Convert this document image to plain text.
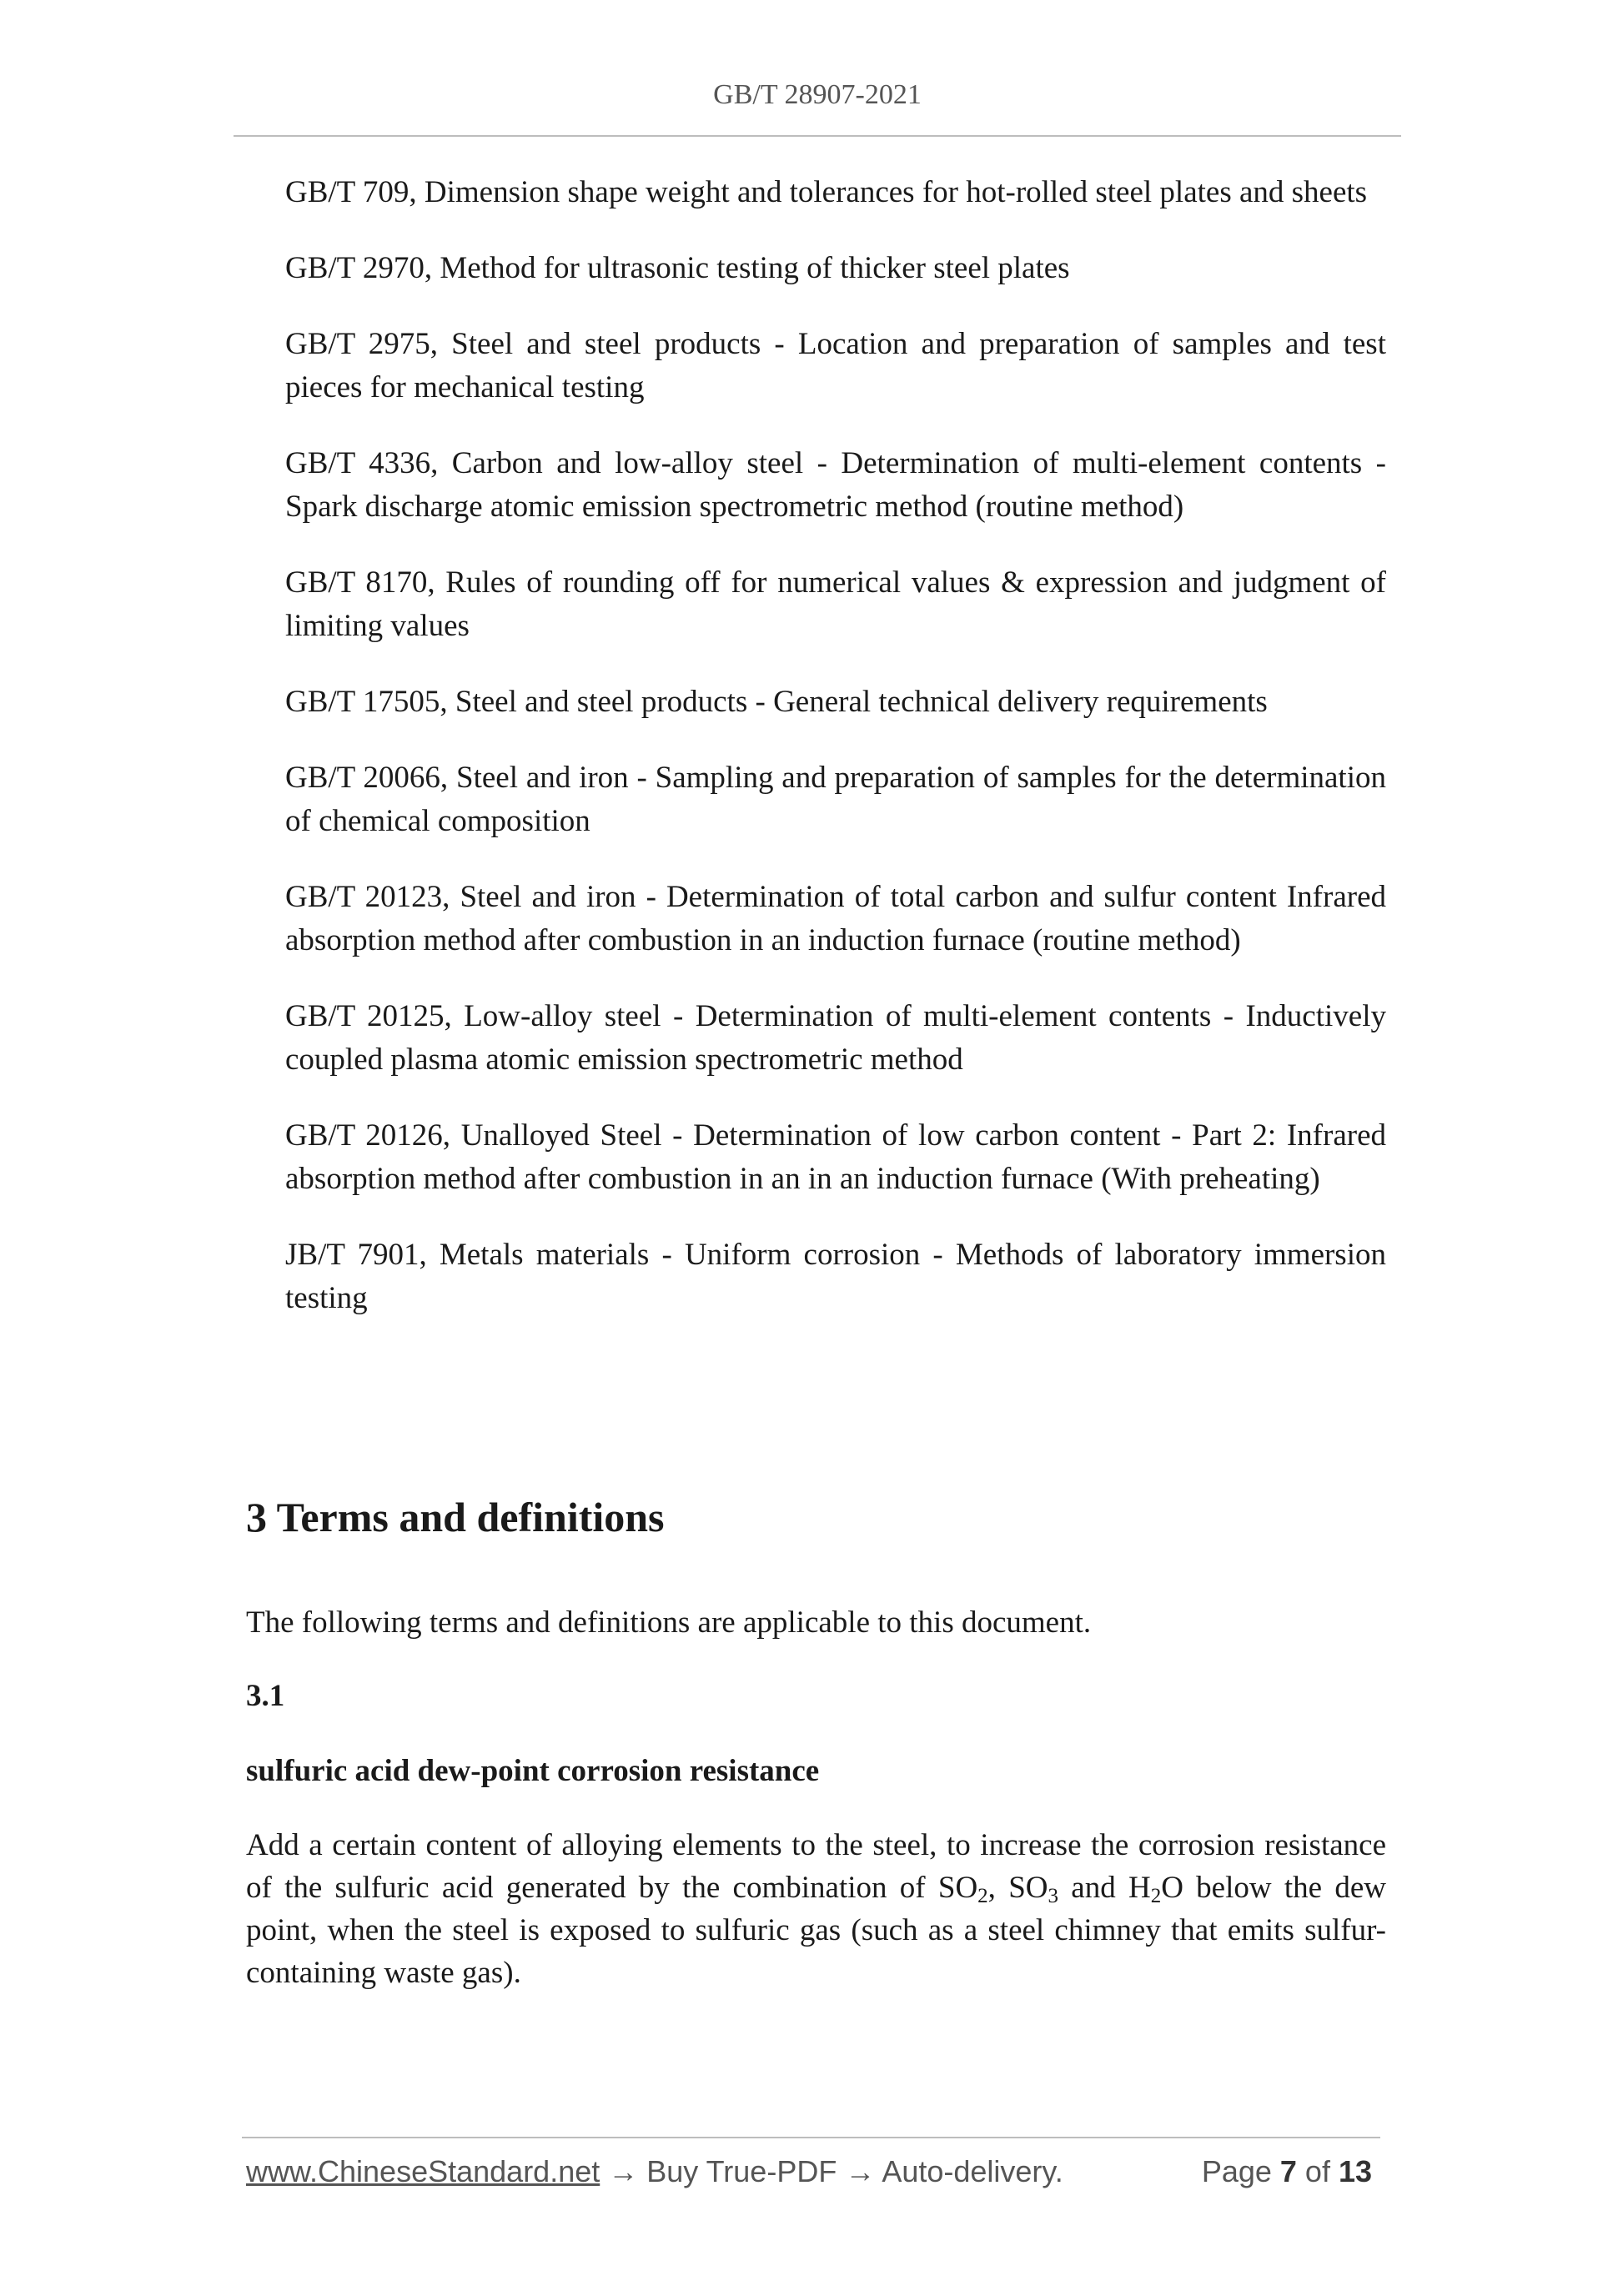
GB/T 28907-2021

GB/T 709, Dimension shape weight and tolerances for hot-rolled steel plates and sheets

GB/T 2970, Method for ultrasonic testing of thicker steel plates

GB/T 2975, Steel and steel products - Location and preparation of samples and test pieces for mechanical testing

GB/T 4336, Carbon and low-alloy steel - Determination of multi-element contents - Spark discharge atomic emission spectrometric method (routine method)

GB/T 8170, Rules of rounding off for numerical values & expression and judgment of limiting values

GB/T 17505, Steel and steel products - General technical delivery requirements

GB/T 20066, Steel and iron - Sampling and preparation of samples for the determination of chemical composition

GB/T 20123, Steel and iron - Determination of total carbon and sulfur content Infrared absorption method after combustion in an induction furnace (routine method)

GB/T 20125, Low-alloy steel - Determination of multi-element contents - Inductively coupled plasma atomic emission spectrometric method

GB/T 20126, Unalloyed Steel - Determination of low carbon content - Part 2: Infrared absorption method after combustion in an in an induction furnace (With preheating)

JB/T 7901, Metals materials - Uniform corrosion - Methods of laboratory immersion testing

3 Terms and definitions
The following terms and definitions are applicable to this document.
3.1
sulfuric acid dew-point corrosion resistance
Add a certain content of alloying elements to the steel, to increase the corrosion resistance of the sulfuric acid generated by the combination of $SO_2$, $SO_3$ and $H_2O$ below the dew point, when the steel is exposed to sulfuric gas (such as a steel chimney that emits sulfur-containing waste gas).
www.ChineseStandard.net → Buy True-PDF → Auto-delivery.	Page 7 of 13
